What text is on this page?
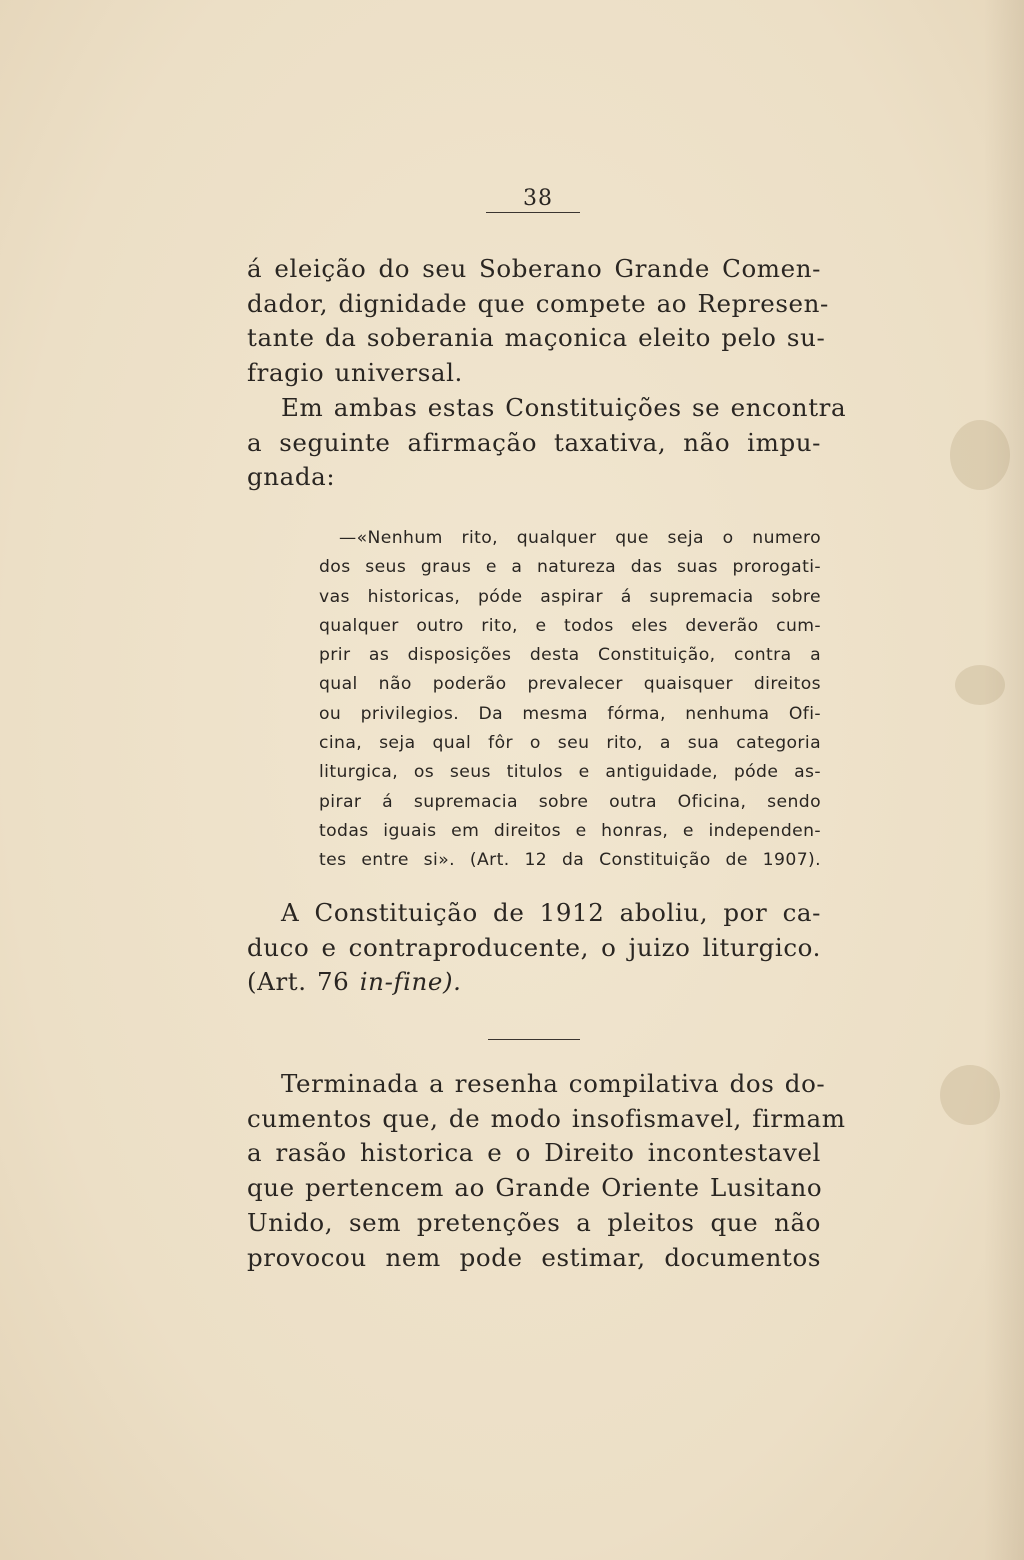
38
á eleição do seu Soberano Grande Comen-
dador, dignidade que compete ao Represen-
tante da soberania maçonica eleito pelo su-
fragio universal.
Em ambas estas Constituições se encontra
a seguinte afirmação taxativa, não impu-
gnada:
—«Nenhum rito, qualquer que seja o numero
dos seus graus e a natureza das suas prorogati-
vas historicas, póde aspirar á supremacia sobre
qualquer outro rito, e todos eles deverão cum-
prir as disposições desta Constituição, contra a
qual não poderão prevalecer quaisquer direitos
ou privilegios. Da mesma fórma, nenhuma Ofi-
cina, seja qual fôr o seu rito, a sua categoria
liturgica, os seus titulos e antiguidade, póde as-
pirar á supremacia sobre outra Oficina, sendo
todas iguais em direitos e honras, e independen-
tes entre si». (Art. 12 da Constituição de 1907).
A Constituição de 1912 aboliu, por ca-
duco e contraproducente, o juizo liturgico.
(Art. 76 in-fine).
Terminada a resenha compilativa dos do-
cumentos que, de modo insofismavel, firmam
a rasão historica e o Direito incontestavel
que pertencem ao Grande Oriente Lusitano
Unido, sem pretenções a pleitos que não
provocou nem pode estimar, documentos
